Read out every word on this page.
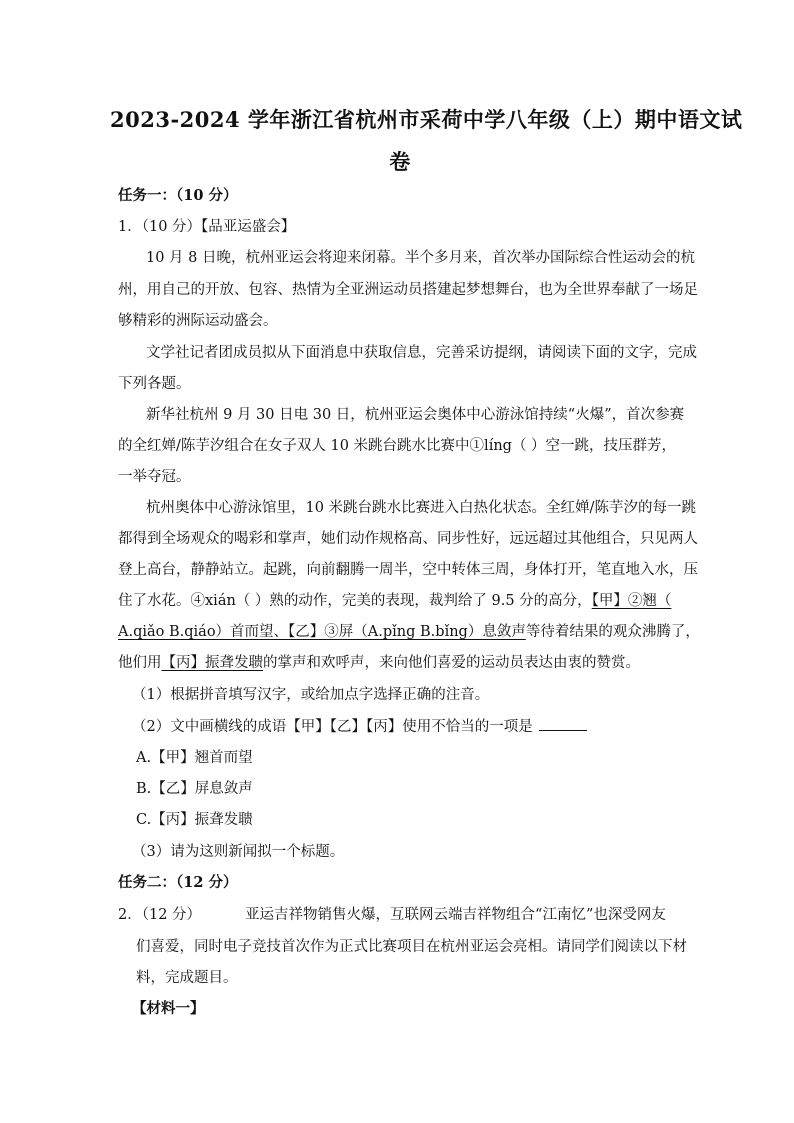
2023-2024 学年浙江省杭州市采荷中学八年级（上）期中语文试
卷
任务一：（10 分）
1．（10 分）【品亚运盛会】
10 月 8 日晚，杭州亚运会将迎来闭幕。半个多月来，首次举办国际综合性运动会的杭
州，用自己的开放、包容、热情为全亚洲运动员搭建起梦想舞台，也为全世界奉献了一场足
够精彩的洲际运动盛会。
文学社记者团成员拟从下面消息中获取信息，完善采访提纲，请阅读下面的文字，完成
下列各题。
新华社杭州 9 月 30 日电 30 日，杭州亚运会奥体中心游泳馆持续“火爆”，首次参赛
的全红婵/陈芋汐组合在女子双人 10 米跳台跳水比赛中①líng（ ）空一跳，技压群芳，
一举夺冠。
杭州奥体中心游泳馆里，10 米跳台跳水比赛进入白热化状态。全红婵/陈芋汐的每一跳
都得到全场观众的喝彩和掌声，她们动作规格高、同步性好，远远超过其他组合，只见两人
登上高台，静静站立。起跳，向前翻腾一周半，空中转体三周，身体打开，笔直地入水，压
住了水花。④xián（ ）熟的动作，完美的表现，裁判给了 9.5 分的高分，【甲】②翘（
A.qiǎo B.qiáo）首而望、【乙】③屏（A.pǐng B.bǐng）息敛声等待着结果的观众沸腾了，
他们用【丙】振聋发聩的掌声和欢呼声，来向他们喜爱的运动员表达由衷的赞赏。
（1）根据拼音填写汉字，或给加点字选择正确的注音。
（2）文中画横线的成语【甲】【乙】【丙】使用不恰当的一项是
A.【甲】翘首而望
B.【乙】屏息敛声
C.【丙】振聋发聩
（3）请为这则新闻拟一个标题。
任务二：（12 分）
2．（12 分）	亚运吉祥物销售火爆，互联网云端吉祥物组合“江南忆”也深受网友
们喜爱，同时电子竞技首次作为正式比赛项目在杭州亚运会亮相。请同学们阅读以下材
料，完成题目。
【材料一】
